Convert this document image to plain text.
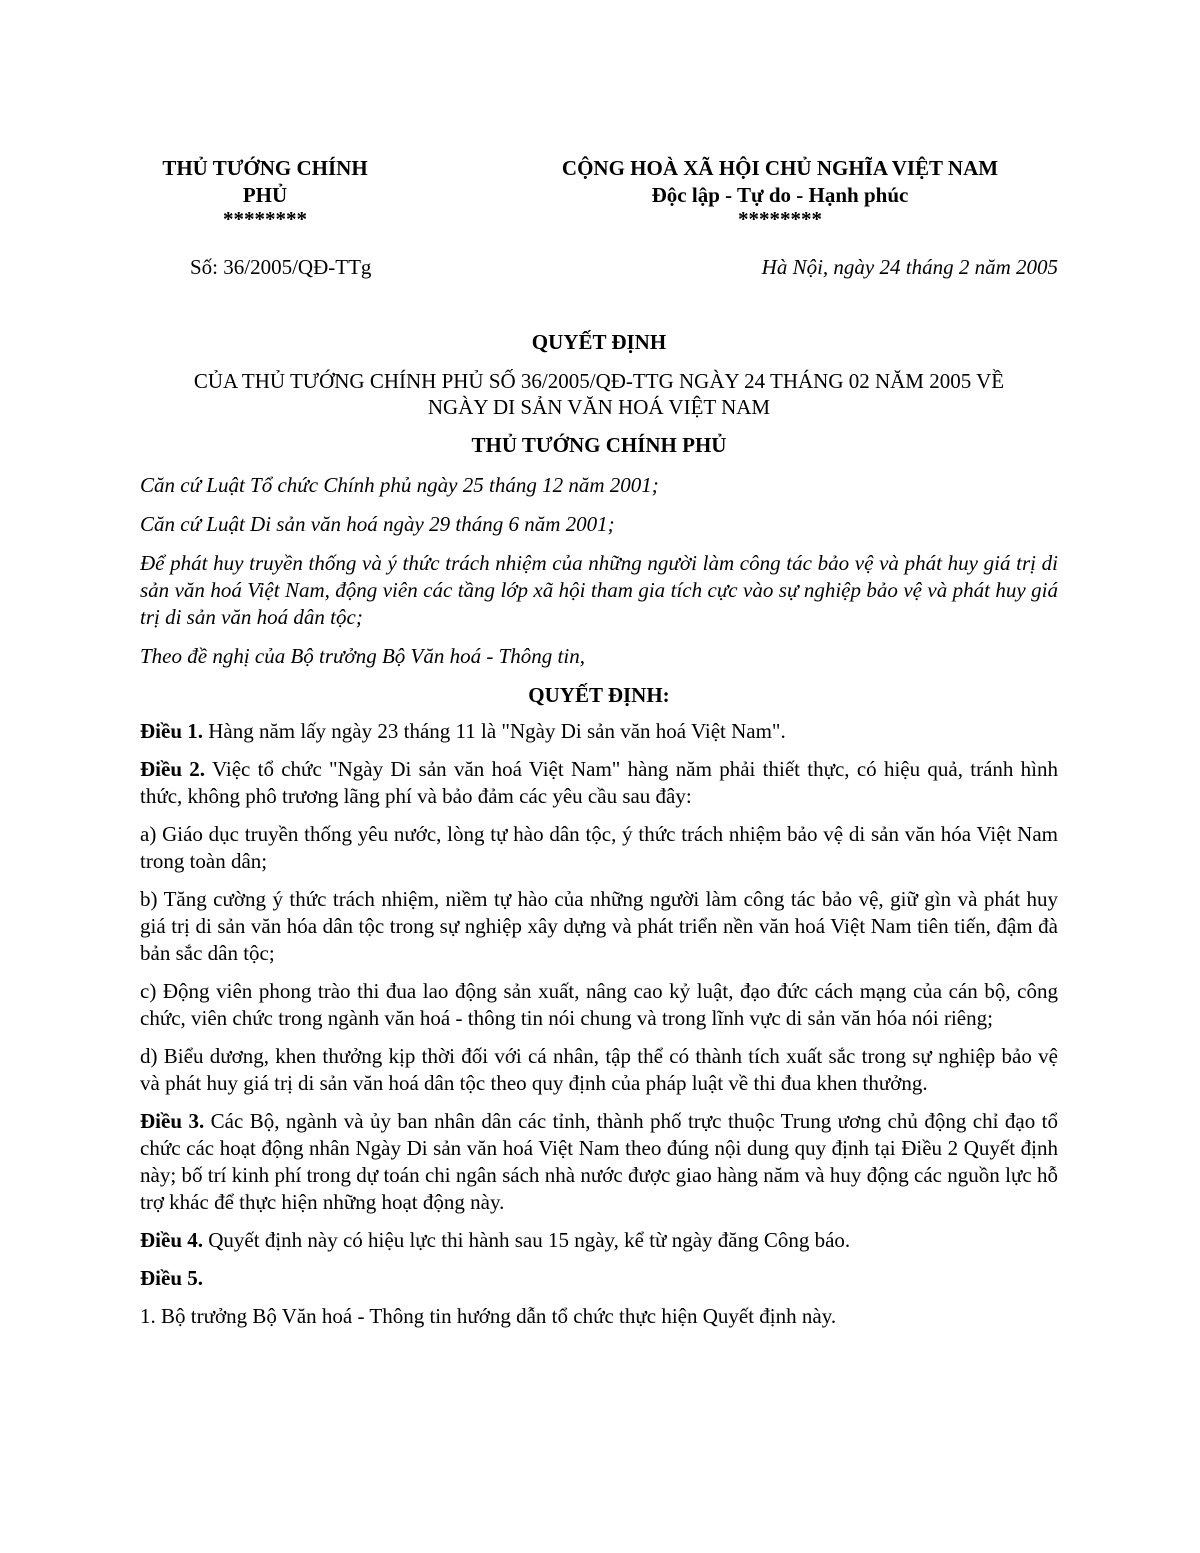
THỦ TƯỚNG CHÍNH PHỦ
********
CỘNG HOÀ XÃ HỘI CHỦ NGHĨA VIỆT NAM
Độc lập - Tự do - Hạnh phúc
********
Số: 36/2005/QĐ-TTg	Hà Nội, ngày 24 tháng 2 năm 2005
QUYẾT ĐỊNH
CỦA THỦ TƯỚNG CHÍNH PHỦ SỐ 36/2005/QĐ-TTG NGÀY 24 THÁNG 02 NĂM 2005 VỀ
NGÀY DI SẢN VĂN HOÁ VIỆT NAM
THỦ TƯỚNG CHÍNH PHỦ

Căn cứ Luật Tổ chức Chính phủ ngày 25 tháng 12 năm 2001;

Căn cứ Luật Di sản văn hoá ngày 29 tháng 6 năm 2001;

Để phát huy truyền thống và ý thức trách nhiệm của những người làm công tác bảo vệ và phát huy giá trị di sản văn hoá Việt Nam, động viên các tầng lớp xã hội tham gia tích cực vào sự nghiệp bảo vệ và phát huy giá trị di sản văn hoá dân tộc;

Theo đề nghị của Bộ trưởng Bộ Văn hoá - Thông tin,

QUYẾT ĐỊNH:

Điều 1. Hàng năm lấy ngày 23 tháng 11 là "Ngày Di sản văn hoá Việt Nam".

Điều 2. Việc tổ chức "Ngày Di sản văn hoá Việt Nam" hàng năm phải thiết thực, có hiệu quả, tránh hình thức, không phô trương lãng phí và bảo đảm các yêu cầu sau đây:

a) Giáo dục truyền thống yêu nước, lòng tự hào dân tộc, ý thức trách nhiệm bảo vệ di sản văn hóa Việt Nam trong toàn dân;

b) Tăng cường ý thức trách nhiệm, niềm tự hào của những người làm công tác bảo vệ, giữ gìn và phát huy giá trị di sản văn hóa dân tộc trong sự nghiệp xây dựng và phát triển nền văn hoá Việt Nam tiên tiến, đậm đà bản sắc dân tộc;

c) Động viên phong trào thi đua lao động sản xuất, nâng cao kỷ luật, đạo đức cách mạng của cán bộ, công chức, viên chức trong ngành văn hoá - thông tin nói chung và trong lĩnh vực di sản văn hóa nói riêng;

d) Biểu dương, khen thưởng kịp thời đối với cá nhân, tập thể có thành tích xuất sắc trong sự nghiệp bảo vệ và phát huy giá trị di sản văn hoá dân tộc theo quy định của pháp luật về thi đua khen thưởng.

Điều 3. Các Bộ, ngành và ủy ban nhân dân các tỉnh, thành phố trực thuộc Trung ương chủ động chỉ đạo tổ chức các hoạt động nhân Ngày Di sản văn hoá Việt Nam theo đúng nội dung quy định tại Điều 2 Quyết định này; bố trí kinh phí trong dự toán chi ngân sách nhà nước được giao hàng năm và huy động các nguồn lực hỗ trợ khác để thực hiện những hoạt động này.

Điều 4. Quyết định này có hiệu lực thi hành sau 15 ngày, kể từ ngày đăng Công báo.

Điều 5.

1. Bộ trưởng Bộ Văn hoá - Thông tin hướng dẫn tổ chức thực hiện Quyết định này.
